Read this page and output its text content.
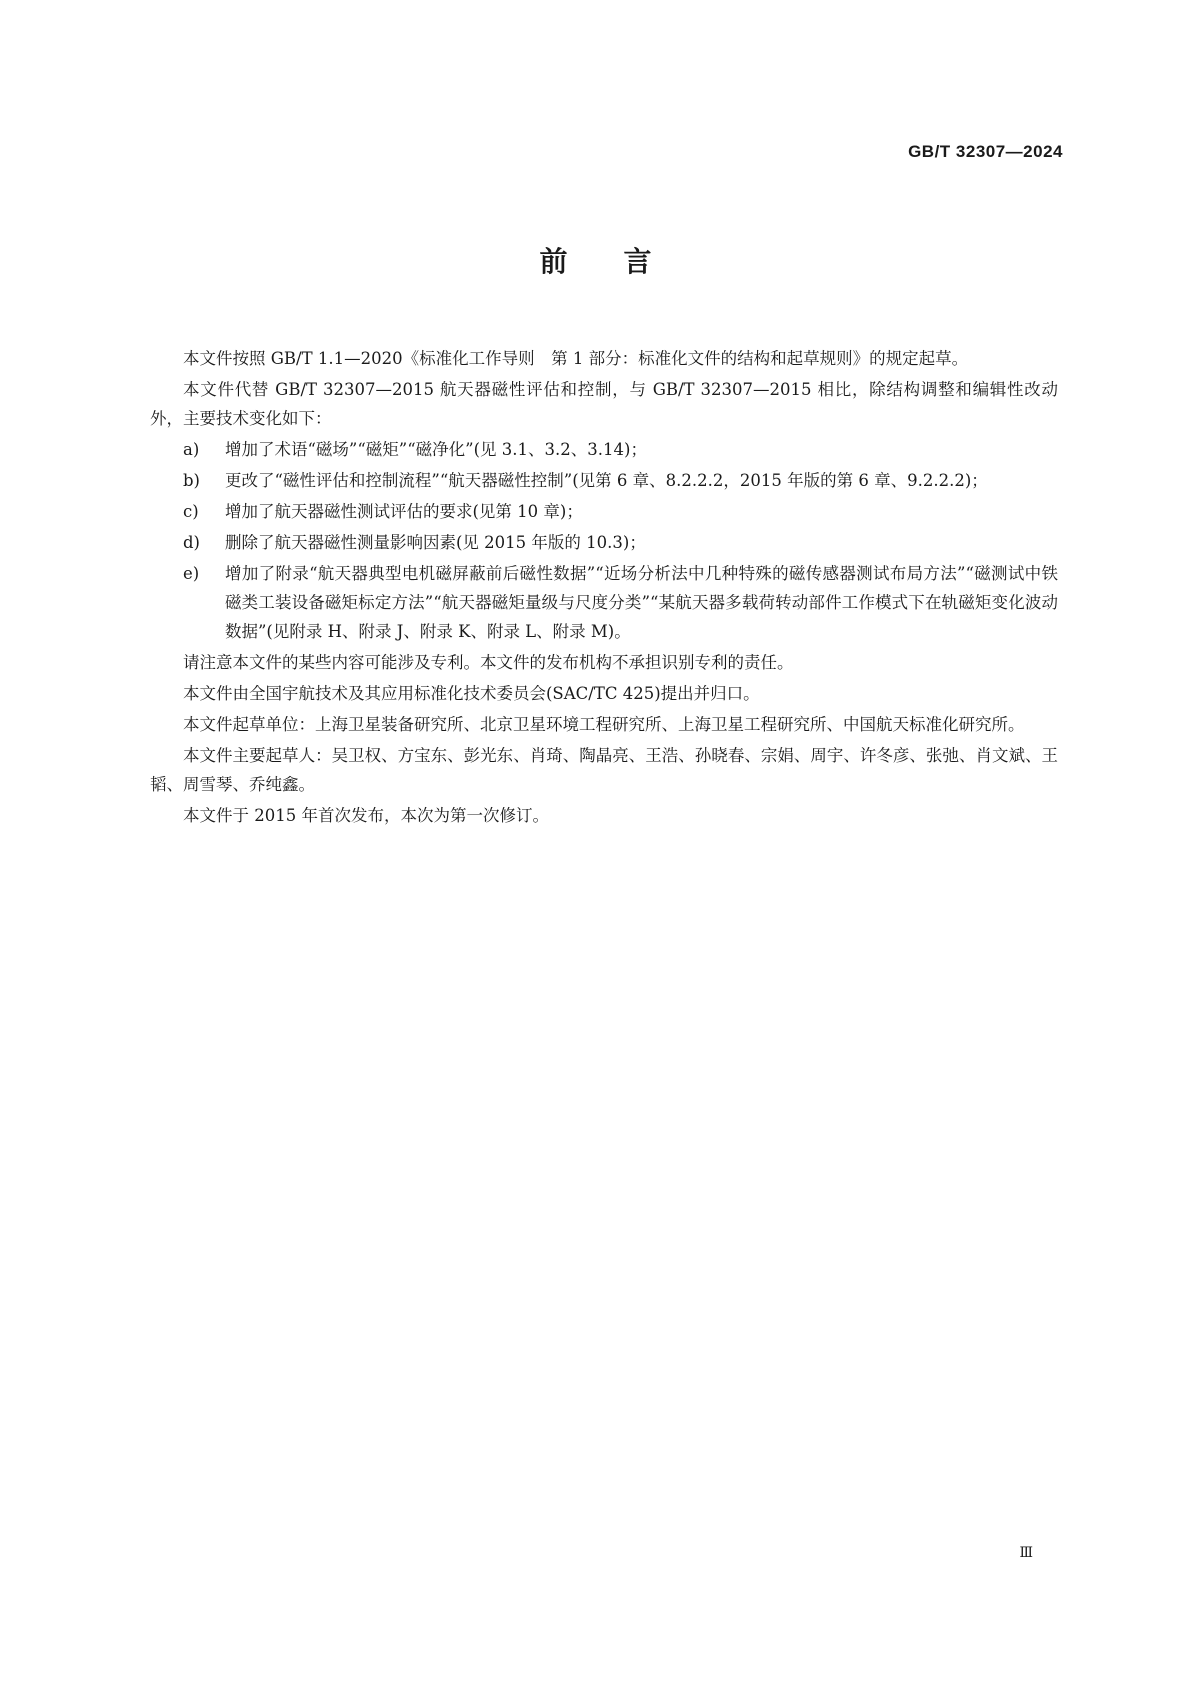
GB/T 32307—2024
前言

本文件按照 GB/T 1.1—2020《标准化工作导则　第 1 部分：标准化文件的结构和起草规则》的规定起草。

本文件代替 GB/T 32307—2015 航天器磁性评估和控制，与 GB/T 32307—2015 相比，除结构调整和编辑性改动外，主要技术变化如下：

a)	增加了术语“磁场”“磁矩”“磁净化”(见 3.1、3.2、3.14)；
b)	更改了“磁性评估和控制流程”“航天器磁性控制”(见第 6 章、8.2.2.2，2015 年版的第 6 章、9.2.2.2)；
c)	增加了航天器磁性测试评估的要求(见第 10 章)；
d)	删除了航天器磁性测量影响因素(见 2015 年版的 10.3)；
e)	增加了附录“航天器典型电机磁屏蔽前后磁性数据”“近场分析法中几种特殊的磁传感器测试布局方法”“磁测试中铁磁类工装设备磁矩标定方法”“航天器磁矩量级与尺度分类”“某航天器多载荷转动部件工作模式下在轨磁矩变化波动数据”(见附录 H、附录 J、附录 K、附录 L、附录 M)。

请注意本文件的某些内容可能涉及专利。本文件的发布机构不承担识别专利的责任。

本文件由全国宇航技术及其应用标准化技术委员会(SAC/TC 425)提出并归口。

本文件起草单位：上海卫星装备研究所、北京卫星环境工程研究所、上海卫星工程研究所、中国航天标准化研究所。

本文件主要起草人：吴卫权、方宝东、彭光东、肖琦、陶晶亮、王浩、孙晓春、宗娟、周宇、许冬彦、张弛、肖文斌、王韬、周雪琴、乔纯鑫。

本文件于 2015 年首次发布，本次为第一次修订。

Ⅲ
